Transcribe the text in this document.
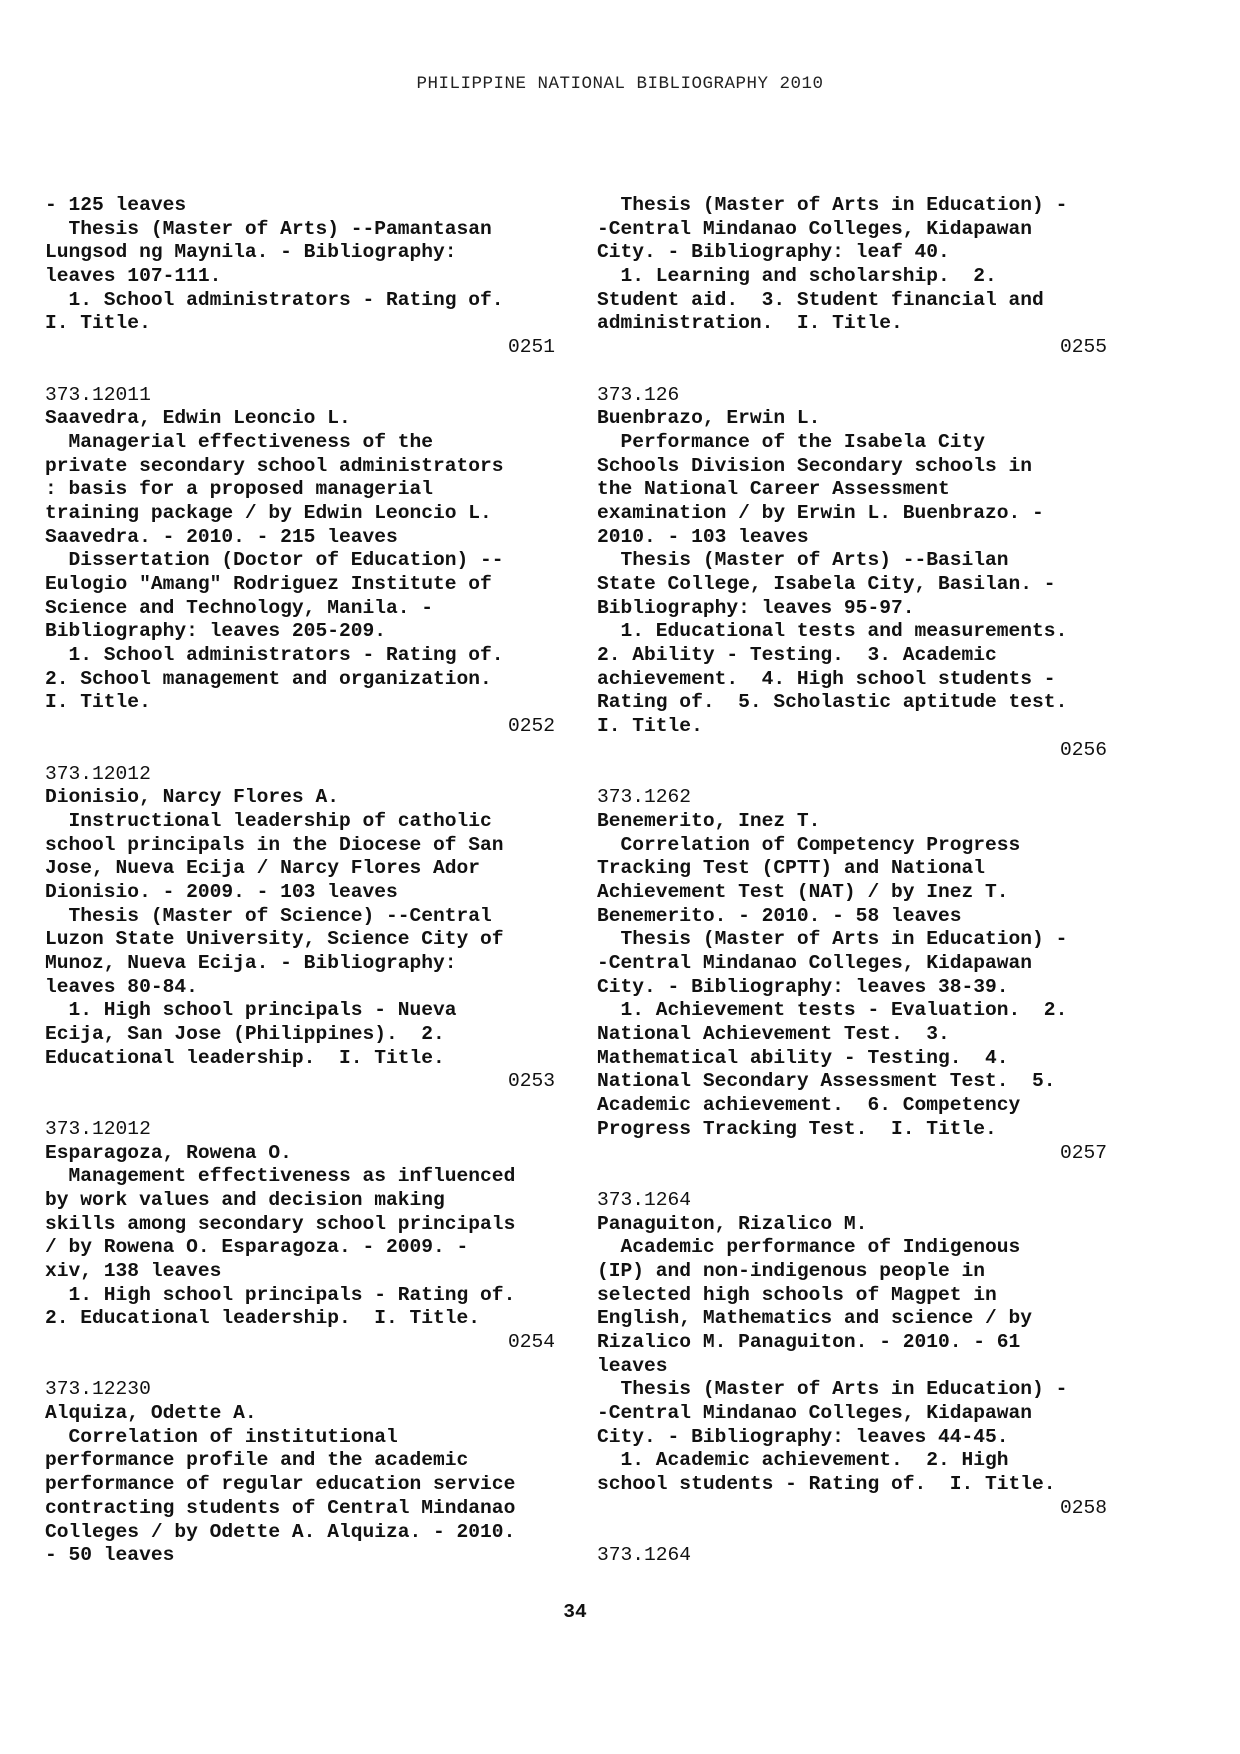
PHILIPPINE NATIONAL BIBLIOGRAPHY 2010
- 125 leaves
Thesis (Master of Arts) --Pamantasan
Lungsod ng Maynila. - Bibliography:
leaves 107-111.
1. School administrators - Rating of.
I. Title.
0251
373.12011
Saavedra, Edwin Leoncio L.
Managerial effectiveness of the
private secondary school administrators
: basis for a proposed managerial
training package / by Edwin Leoncio L.
Saavedra. - 2010. - 215 leaves
Dissertation (Doctor of Education) --
Eulogio "Amang" Rodriguez Institute of
Science and Technology, Manila. -
Bibliography: leaves 205-209.
1. School administrators - Rating of.
2. School management and organization.
I. Title.
0252
373.12012
Dionisio, Narcy Flores A.
Instructional leadership of catholic
school principals in the Diocese of San
Jose, Nueva Ecija / Narcy Flores Ador
Dionisio. - 2009. - 103 leaves
Thesis (Master of Science) --Central
Luzon State University, Science City of
Munoz, Nueva Ecija. - Bibliography:
leaves 80-84.
1. High school principals - Nueva
Ecija, San Jose (Philippines).  2.
Educational leadership.  I. Title.
0253
373.12012
Esparagoza, Rowena O.
Management effectiveness as influenced
by work values and decision making
skills among secondary school principals
/ by Rowena O. Esparagoza. - 2009. -
xiv, 138 leaves
1. High school principals - Rating of.
2. Educational leadership.  I. Title.
0254
373.12230
Alquiza, Odette A.
Correlation of institutional
performance profile and the academic
performance of regular education service
contracting students of Central Mindanao
Colleges / by Odette A. Alquiza. - 2010.
- 50 leaves
Thesis (Master of Arts in Education) -
-Central Mindanao Colleges, Kidapawan
City. - Bibliography: leaf 40.
1. Learning and scholarship.  2.
Student aid.  3. Student financial and
administration.  I. Title.
0255
373.126
Buenbrazo, Erwin L.
Performance of the Isabela City
Schools Division Secondary schools in
the National Career Assessment
examination / by Erwin L. Buenbrazo. -
2010. - 103 leaves
Thesis (Master of Arts) --Basilan
State College, Isabela City, Basilan. -
Bibliography: leaves 95-97.
1. Educational tests and measurements.
2. Ability - Testing.  3. Academic
achievement.  4. High school students -
Rating of.  5. Scholastic aptitude test.
I. Title.
0256
373.1262
Benemerito, Inez T.
Correlation of Competency Progress
Tracking Test (CPTT) and National
Achievement Test (NAT) / by Inez T.
Benemerito. - 2010. - 58 leaves
Thesis (Master of Arts in Education) -
-Central Mindanao Colleges, Kidapawan
City. - Bibliography: leaves 38-39.
1. Achievement tests - Evaluation.  2.
National Achievement Test.  3.
Mathematical ability - Testing.  4.
National Secondary Assessment Test.  5.
Academic achievement.  6. Competency
Progress Tracking Test.  I. Title.
0257
373.1264
Panaguiton, Rizalico M.
Academic performance of Indigenous
(IP) and non-indigenous people in
selected high schools of Magpet in
English, Mathematics and science / by
Rizalico M. Panaguiton. - 2010. - 61
leaves
Thesis (Master of Arts in Education) -
-Central Mindanao Colleges, Kidapawan
City. - Bibliography: leaves 44-45.
1. Academic achievement.  2. High
school students - Rating of.  I. Title.
0258
373.1264
34
